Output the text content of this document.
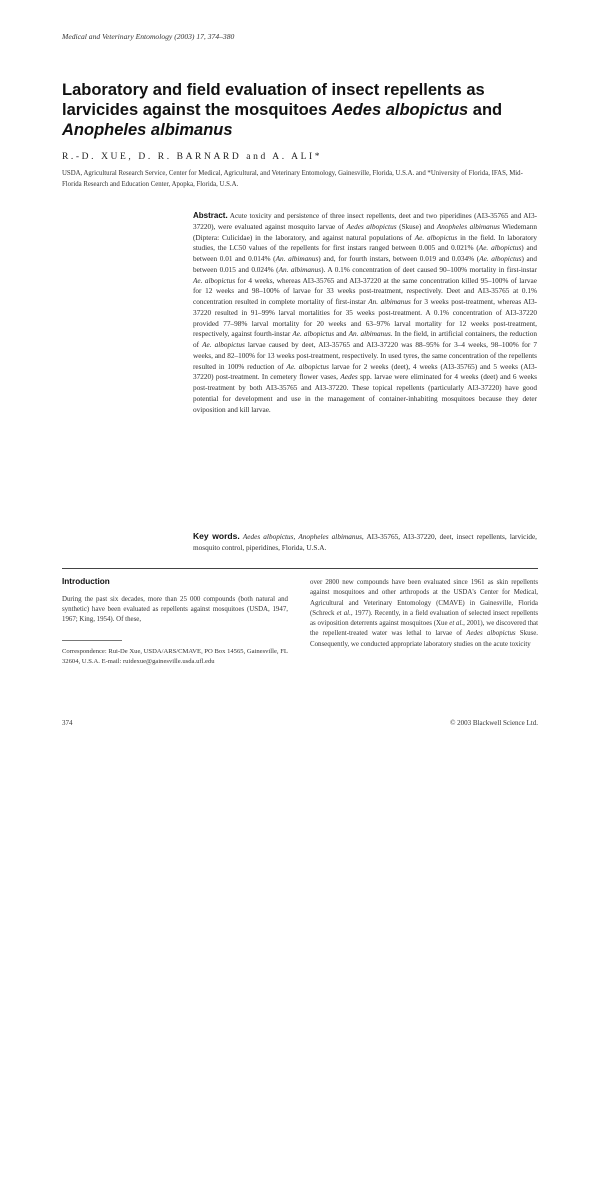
Medical and Veterinary Entomology (2003) 17, 374–380
Laboratory and field evaluation of insect repellents as larvicides against the mosquitoes Aedes albopictus and Anopheles albimanus
R.-D. XUE, D. R. BARNARD and A. ALI*
USDA, Agricultural Research Service, Center for Medical, Agricultural, and Veterinary Entomology, Gainesville, Florida, U.S.A. and *University of Florida, IFAS, Mid-Florida Research and Education Center, Apopka, Florida, U.S.A.

Abstract. Acute toxicity and persistence of three insect repellents, deet and two piperidines (AI3-35765 and AI3-37220), were evaluated against mosquito larvae of Aedes albopictus (Skuse) and Anopheles albimanus Wiedemann (Diptera: Culicidae) in the laboratory, and against natural populations of Ae. albopictus in the field. In laboratory studies, the LC50 values of the repellents for first instars ranged between 0.005 and 0.021% (Ae. albopictus) and between 0.01 and 0.014% (An. albimanus) and, for fourth instars, between 0.019 and 0.034% (Ae. albopictus) and between 0.015 and 0.024% (An. albimanus). A 0.1% concentration of deet caused 90–100% mortality in first-instar Ae. albopictus for 4 weeks, whereas AI3-35765 and AI3-37220 at the same concentration killed 95–100% of larvae for 12 weeks and 98–100% of larvae for 33 weeks post-treatment, respectively. Deet and AI3-35765 at 0.1% concentration resulted in complete mortality of first-instar An. albimanus for 3 weeks post-treatment, whereas AI3-37220 resulted in 91–99% larval mortalities for 35 weeks post-treatment. A 0.1% concentration of AI3-37220 provided 77–98% larval mortality for 20 weeks and 63–97% larval mortality for 12 weeks post-treatment, respectively, against fourth-instar Ae. albopictus and An. albimanus. In the field, in artificial containers, the reduction of Ae. albopictus larvae caused by deet, AI3-35765 and AI3-37220 was 88–95% for 3–4 weeks, 98–100% for 7 weeks, and 82–100% for 13 weeks post-treatment, respectively. In used tyres, the same concentration of the repellents resulted in 100% reduction of Ae. albopictus larvae for 2 weeks (deet), 4 weeks (AI3-35765) and 5 weeks (AI3-37220) post-treatment. In cemetery flower vases, Aedes spp. larvae were eliminated for 4 weeks (deet) and 6 weeks post-treatment by both AI3-35765 and AI3-37220. These topical repellents (particularly AI3-37220) have good potential for development and use in the management of container-inhabiting mosquitoes because they deter oviposition and kill larvae.

Key words. Aedes albopictus, Anopheles albimanus, AI3-35765, AI3-37220, deet, insect repellents, larvicide, mosquito control, piperidines, Florida, U.S.A.

Introduction

During the past six decades, more than 25 000 compounds (both natural and synthetic) have been evaluated as repellents against mosquitoes (USDA, 1947, 1967; King, 1954). Of these,

over 2800 new compounds have been evaluated since 1961 as skin repellents against mosquitoes and other arthropods at the USDA's Center for Medical, Agricultural and Veterinary Entomology (CMAVE) in Gainesville, Florida (Schreck et al., 1977). Recently, in a field evaluation of selected insect repellents as oviposition deterrents against mosquitoes (Xue et al., 2001), we discovered that the repellent-treated water was lethal to larvae of Aedes albopictus Skuse. Consequently, we conducted appropriate laboratory studies on the acute toxicity

Correspondence: Rui-De Xue, USDA/ARS/CMAVE, PO Box 14565, Gainesville, FL 32604, U.S.A. E-mail: ruidexue@gainesville.usda.ufl.edu

374	© 2003 Blackwell Science Ltd.
